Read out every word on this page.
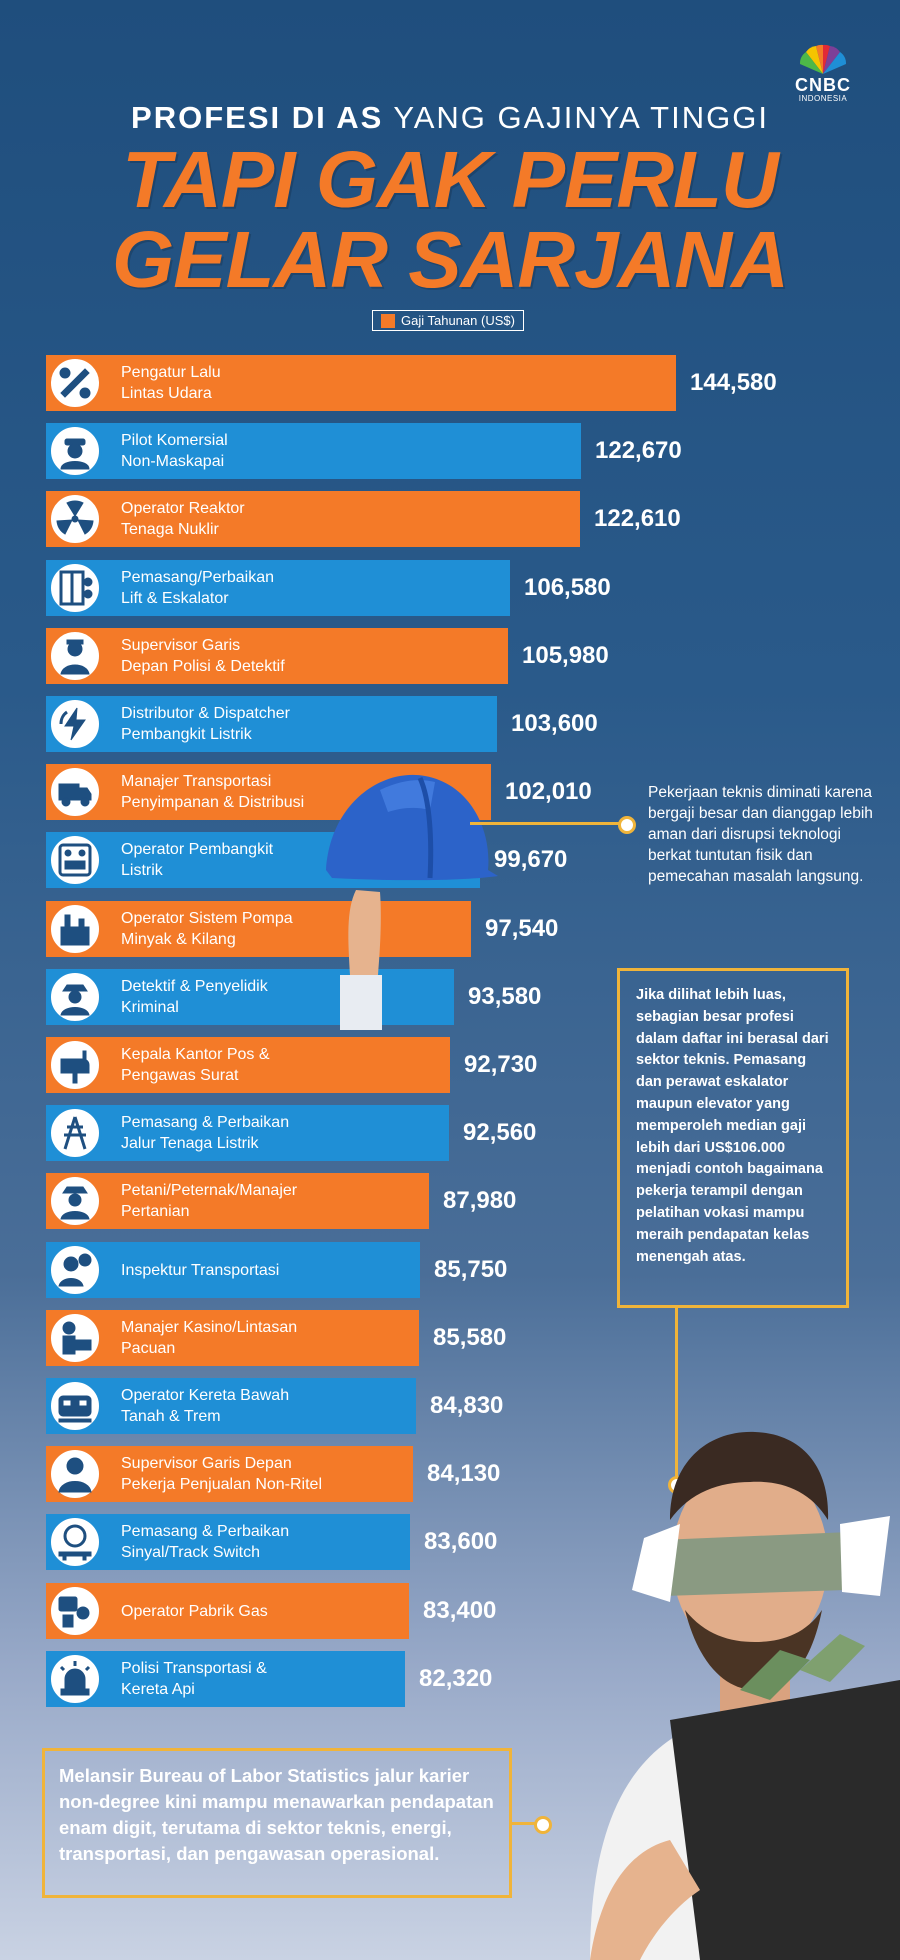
CNBC
INDONESIA
PROFESI DI AS YANG GAJINYA TINGGI
TAPI GAK PERLU
GELAR SARJANA
Gaji Tahunan (US$)
Pengatur Lalu
Lintas Udara	144,580
Pilot Komersial
Non-Maskapai	122,670
Operator Reaktor
Tenaga Nuklir	122,610
Pemasang/Perbaikan
Lift & Eskalator	106,580
Supervisor Garis
Depan Polisi & Detektif	105,980
Distributor & Dispatcher
Pembangkit Listrik	103,600
Manajer Transportasi
Penyimpanan & Distribusi	102,010
Operator Pembangkit
Listrik	99,670
Operator Sistem Pompa
Minyak & Kilang	97,540
Detektif & Penyelidik
Kriminal	93,580
Kepala Kantor Pos &
Pengawas Surat	92,730
Pemasang & Perbaikan
Jalur Tenaga Listrik	92,560
Petani/Peternak/Manajer
Pertanian	87,980
Inspektur Transportasi	85,750
Manajer Kasino/Lintasan
Pacuan	85,580
Operator Kereta Bawah
Tanah & Trem	84,830
Supervisor Garis Depan
Pekerja Penjualan Non-Ritel	84,130
Pemasang & Perbaikan
Sinyal/Track Switch	83,600
Operator Pabrik Gas	83,400
Polisi Transportasi &
Kereta Api	82,320
Pekerjaan teknis diminati karena bergaji besar dan dianggap lebih aman dari disrupsi teknologi berkat tuntutan fisik dan pemecahan masalah langsung.
Jika dilihat lebih luas, sebagian besar profesi dalam daftar ini berasal dari sektor teknis. Pemasang dan perawat eskalator maupun elevator yang memperoleh median gaji lebih dari US$106.000 menjadi contoh bagaimana pekerja terampil dengan pelatihan vokasi mampu meraih pendapatan kelas menengah atas.
Melansir Bureau of Labor Statistics jalur karier non-degree kini mampu menawarkan pendapatan enam digit, terutama di sektor teknis, energi, transportasi, dan pengawasan operasional.
